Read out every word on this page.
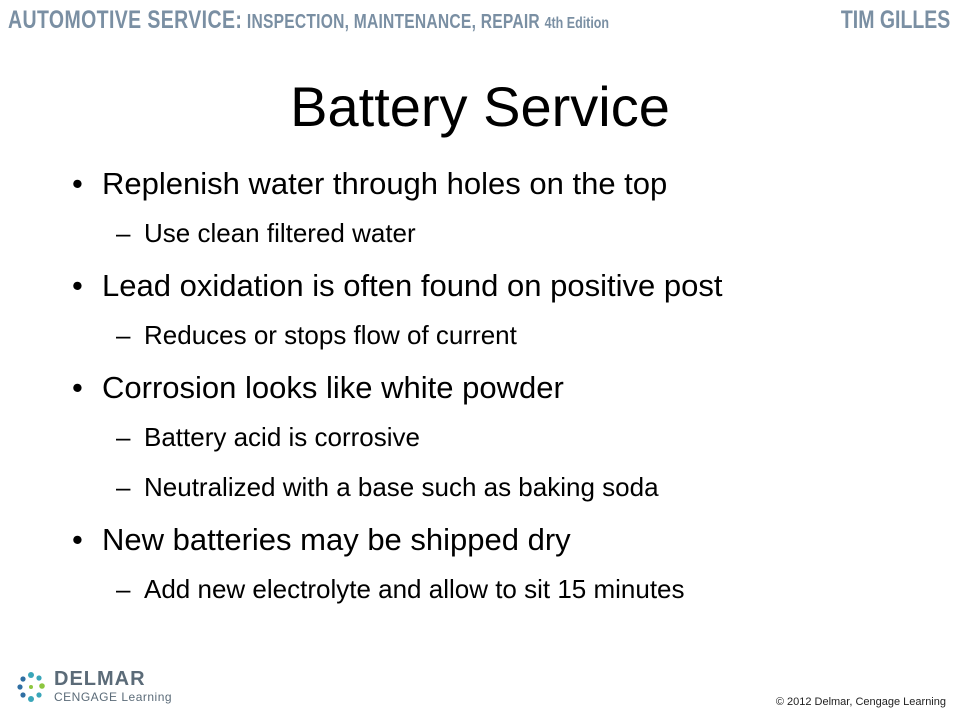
AUTOMOTIVE SERVICE: INSPECTION, MAINTENANCE, REPAIR 4th Edition	TIM GILLES
Battery Service
• Replenish water through holes on the top
– Use clean filtered water
• Lead oxidation is often found on positive post
– Reduces or stops flow of current
• Corrosion looks like white powder
– Battery acid is corrosive
– Neutralized with a base such as baking soda
• New batteries may be shipped dry
– Add new electrolyte and allow to sit 15 minutes
DELMAR
CENGAGE Learning	© 2012 Delmar, Cengage Learning
